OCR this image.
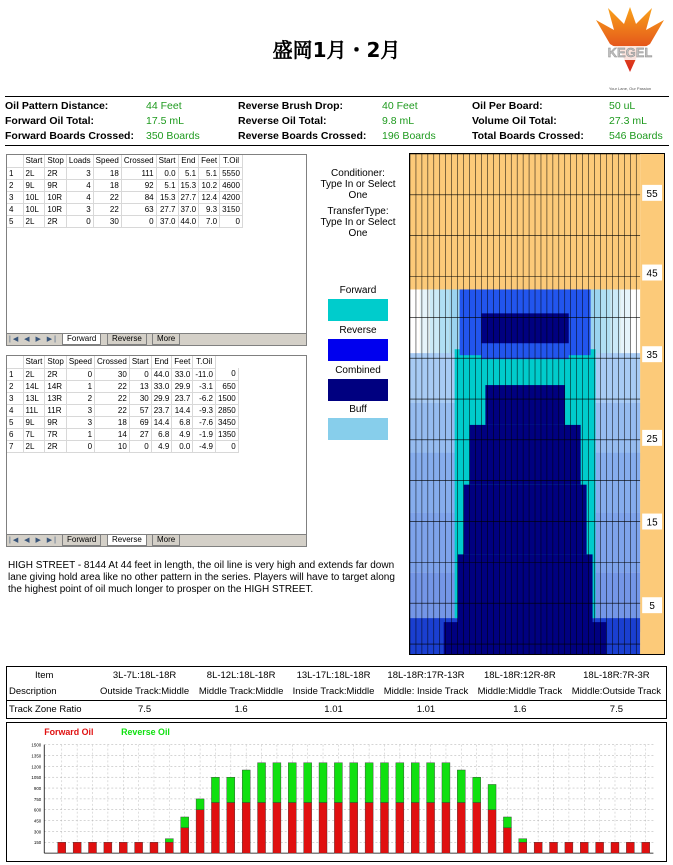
盛岡1月・2月	KEGEL
Your Lane, Our Passion
Oil Pattern Distance:	44 Feet	Reverse Brush Drop:	40 Feet	Oil Per Board:	50 uL
Forward Oil Total:	17.5 mL	Reverse Oil Total:	9.8 mL	Volume Oil Total:	27.3 mL
Forward Boards Crossed: 350 Boards	Reverse Boards Crossed: 196 Boards	Total Boards Crossed: 546 Boards
	Start	Stop	Loads	Speed	Crossed	Start	End	Feet	T.Oil
1	2L	2R	3	18	111	0.0	5.1	5.1	5550
2	9L	9R	4	18	92	5.1	15.3	10.2	4600
3	10L	10R	4	22	84	15.3	27.7	12.4	4200
4	10L	10R	3	22	63	27.7	37.0	9.3	3150
5	2L	2R	0	30	0	37.0	44.0	7.0	0
|◀ ◀ ▶ ▶|	Forward	Reverse	More
	Start	Stop	Speed	Crossed	Start	End	Feet	T.Oil	
1	2L	2R	0	30	0	44.0	33.0	-11.0	0
2	14L	14R	1	22	13	33.0	29.9	-3.1	650
3	13L	13R	2	22	30	29.9	23.7	-6.2	1500
4	11L	11R	3	22	57	23.7	14.4	-9.3	2850
5	9L	9R	3	18	69	14.4	6.8	-7.6	3450
6	7L	7R	1	14	27	6.8	4.9	-1.9	1350
7	2L	2R	0	10	0	4.9	0.0	-4.9	0
|◀ ◀ ▶ ▶|	Forward	Reverse	More
HIGH STREET - 8144 At 44 feet in length, the oil line is very high and extends far down lane giving hold area like no other pattern in the series. Players will have to target along the highest point of oil much longer to prosper on the HIGH STREET.
Conditioner:
Type In or Select One
TransferType:
Type In or Select One
Forward
Reverse
Combined
Buff
55
45
35
25
15
5
Item	3L-7L:18L-18R	8L-12L:18L-18R	13L-17L:18L-18R	18L-18R:17R-13R	18L-18R:12R-8R	18L-18R:7R-3R
Description	Outside Track:Middle	Middle Track:Middle	Inside Track:Middle	Middle: Inside Track	Middle:Middle Track	Middle:Outside Track
Track Zone Ratio	7.5	1.6	1.01	1.01	1.6	7.5
Forward Oil	Reverse Oil
150
300
450
600
750
900
1050
1200
1350
1500
